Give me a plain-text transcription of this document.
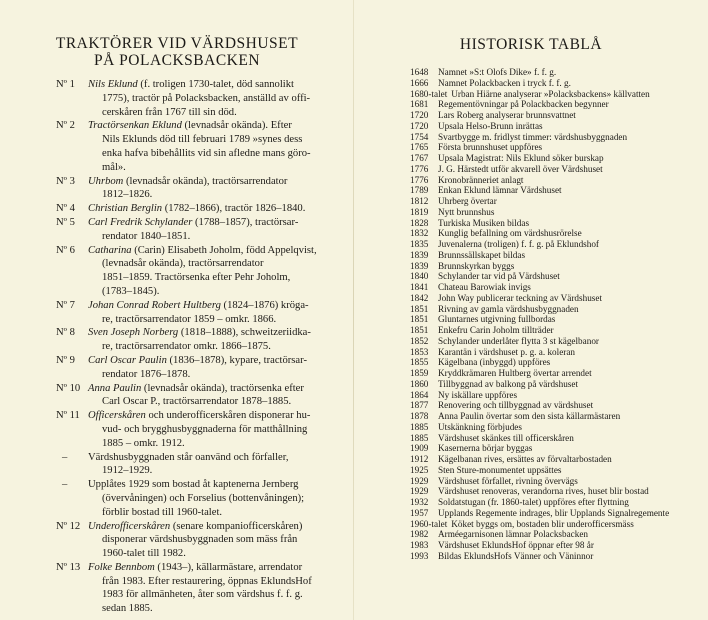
TRAKTÖRER VID VÄRDSHUSET
PÅ POLACKSBACKEN
Nº 1	Nils Eklund (f. troligen 1730-talet, död sannolikt
1775), tractör på Polacksbacken, anställd av offi-
cerskåren från 1767 till sin död.
Nº 2	Tractörsenkan Eklund (levnadsår okända). Efter
Nils Eklunds död till februari 1789 »synes dess
enka hafva bibehållits vid sin afledne mans göro-
mål».
Nº 3	Uhrbom (levnadsår okända), tractörsarrendator
1812–1826.
Nº 4	Christian Berglin (1782–1866), tractör 1826–1840.
Nº 5	Carl Fredrik Schylander (1788–1857), tractörsar-
rendator 1840–1851.
Nº 6	Catharina (Carin) Elisabeth Joholm, född Appelqvist,
(levnadsår okända), tractörsarrendator
1851–1859. Tractörsenka efter Pehr Joholm,
(1783–1845).
Nº 7	Johan Conrad Robert Hultberg (1824–1876) kröga-
re, tractörsarrendator 1859 – omkr. 1866.
Nº 8	Sven Joseph Norberg (1818–1888), schweitzeriidka-
re, tractörsarrendator omkr. 1866–1875.
Nº 9	Carl Oscar Paulin (1836–1878), kypare, tractörsar-
rendator 1876–1878.
Nº 10 Anna Paulin (levnadsår okända), tractörsenka efter
Carl Oscar P., tractörsarrendator 1878–1885.
Nº 11 Officerskåren och underofficerskåren disponerar hu-
vud- och brygghusbyggnaderna för matthållning
1885 – omkr. 1912.
–	Värdshusbyggnaden står oanvänd och förfaller,
1912–1929.
–	Upplåtes 1929 som bostad åt kaptenerna Jernberg
(övervåningen) och Forselius (bottenvåningen);
förblir bostad till 1960-talet.
Nº 12 Underofficerskåren (senare kompaniofficerskåren)
disponerar värdshusbyggnaden som mäss från
1960-talet till 1982.
Nº 13 Folke Bennbom (1943–), källarmästare, arrendator
från 1983. Efter restaurering, öppnas EklundsHof
1983 för allmänheten, åter som värdshus f. f. g.
sedan 1885.
HISTORISK TABLÅ
1648	Namnet »S:t Olofs Dike» f. f. g.
1666	Namnet Polackbacken i tryck f. f. g.
1680-talet Urban Hiärne analyserar »Polacksbackens» källvatten
1681	Regementövningar på Polackbacken begynner
1720	Lars Roberg analyserar brunnsvattnet
1720	Upsala Helso-Brunn inrättas
1754	Svartbygge m. fridlyst timmer: värdshusbyggnaden
1765	Första brunnshuset uppföres
1767	Upsala Magistrat: Nils Eklund söker burskap
1776	J. G. Härstedt utför akvarell över Värdshuset
1776	Kronobränneriet anlagt
1789	Enkan Eklund lämnar Värdshuset
1812	Uhrberg övertar
1819	Nytt brunnshus
1828	Turkiska Musiken bildas
1832	Kunglig befallning om värdshusrörelse
1835	Juvenalerna (troligen) f. f. g. på Eklundshof
1839	Brunnssällskapet bildas
1839	Brunnskyrkan byggs
1840	Schylander tar vid på Värdshuset
1841	Chateau Barowiak invigs
1842	John Way publicerar teckning av Värdshuset
1851	Rivning av gamla värdshusbyggnaden
1851	Gluntarnes utgivning fullbordas
1851	Enkefru Carin Joholm tillträder
1852	Schylander underlåter flytta 3 st kägelbanor
1853	Karantän i värdshuset p. g. a. koleran
1855	Kägelbana (inbyggd) uppföres
1859	Kryddkrämaren Hultberg övertar arrendet
1860	Tillbyggnad av balkong på värdshuset
1864	Ny iskällare uppföres
1877	Renovering och tillbyggnad av värdshuset
1878	Anna Paulin övertar som den sista källarmästaren
1885	Utskänkning förbjudes
1885	Värdshuset skänkes till officerskåren
1909	Kasernerna börjar byggas
1912	Kägelbanan rives, ersättes av förvaltarbostaden
1925	Sten Sture-monumentet uppsättes
1929	Värdshuset förfallet, rivning övervägs
1929	Värdshuset renoveras, verandorna rives, huset blir bostad
1932	Soldatstugan (fr. 1860-talet) uppföres efter flyttning
1957	Upplands Regemente indrages, blir Upplands Signalregemente
1960-talet Köket byggs om, bostaden blir underofficersmäss
1982	Arméegarnisonen lämnar Polacksbacken
1983	Värdshuset EklundsHof öppnar efter 98 år
1993	Bildas EklundsHofs Vänner och Väninnor
